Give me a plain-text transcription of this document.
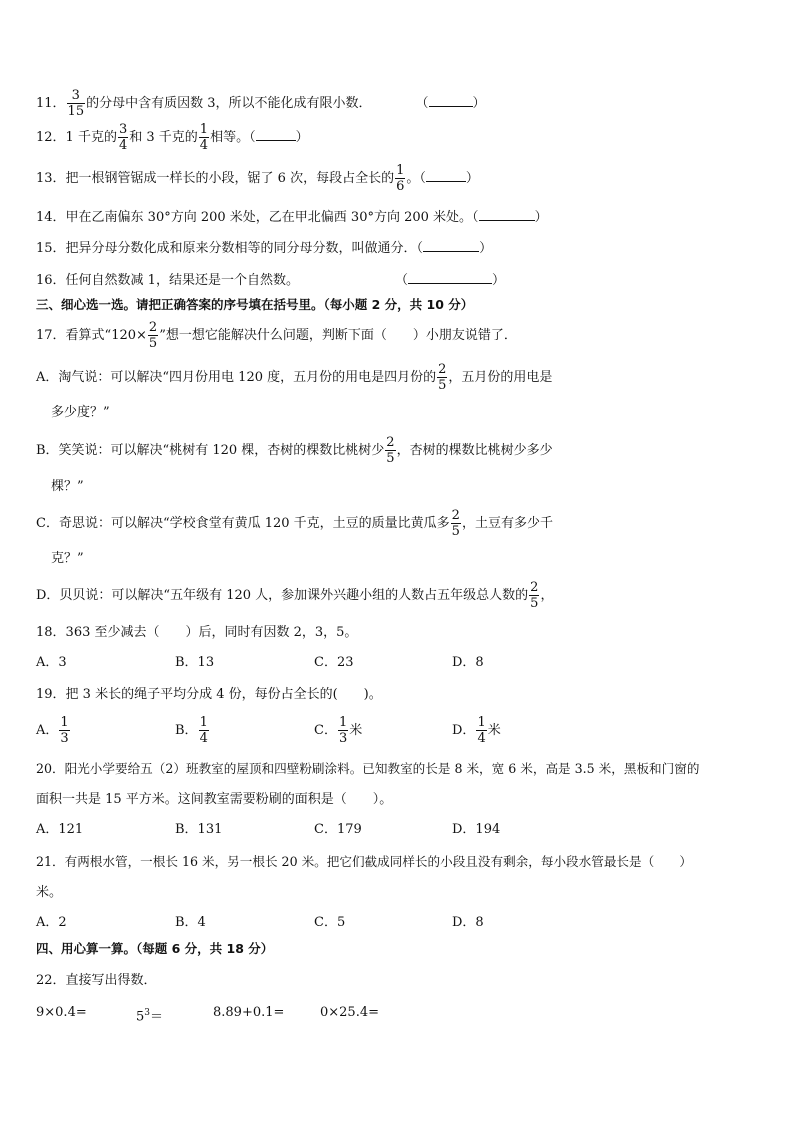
11． $\frac{3}{15}$ 的分母中含有质因数 3，所以不能化成有限小数．	（	）
12．1 千克的 $\frac{3}{4}$ 和 3 千克的 $\frac{1}{4}$ 相等。（	）
13．把一根钢管锯成一样长的小段，锯了 6 次，每段占全长的 $\frac{1}{6}$ 。（	）
14．甲在乙南偏东 30°方向 200 米处，乙在甲北偏西 30°方向 200 米处。（	）
15．把异分母分数化成和原来分数相等的同分母分数，叫做通分．（	）
16．任何自然数减 1，结果还是一个自然数。	（	）
三、细心选一选。请把正确答案的序号填在括号里。（每小题 2 分，共 10 分）
17．看算式“$120\times \frac{2}{5}$ ”想一想它能解决什么问题，判断下面（　　）小朋友说错了．
A．淘气说：可以解决“四月份用电 120 度，五月份的用电是四月份的 $\frac{2}{5}$ ，五月份的用电是
多少度？”
B．笑笑说：可以解决“桃树有 120 棵，杏树的棵数比桃树少 $\frac{2}{5}$ ，杏树的棵数比桃树少多少
棵？”
C．奇思说：可以解决“学校食堂有黄瓜 120 千克，土豆的质量比黄瓜多 $\frac{2}{5}$ ，土豆有多少千
克？”
D．贝贝说：可以解决“五年级有 120 人，参加课外兴趣小组的人数占五年级总人数的 $\frac{2}{5}$ ，
18．363 至少减去（　　）后，同时有因数 2，3，5。
A．3	B．13	C．23	D．8
19．把 3 米长的绳子平均分成 4 份，每份占全长的(　　)。
A． $\frac{1}{3}$	B． $\frac{1}{4}$	C． $\frac{1}{3}$ 米	D． $\frac{1}{4}$ 米
20．阳光小学要给五（2）班教室的屋顶和四壁粉刷涂料。已知教室的长是 8 米，宽 6 米，高是 3.5 米，黑板和门窗的
面积一共是 15 平方米。这间教室需要粉刷的面积是（　　）。
A．121	B．131	C．179	D．194
21．有两根水管，一根长 16 米，另一根长 20 米。把它们截成同样长的小段且没有剩余，每小段水管最长是（　　）
米。
A．2	B．4	C．5	D．8
四、用心算一算。（每题 6 分，共 18 分）
22．直接写出得数．
9×0.4=	$5^3=$	8.89+0.1=	0×25.4=
